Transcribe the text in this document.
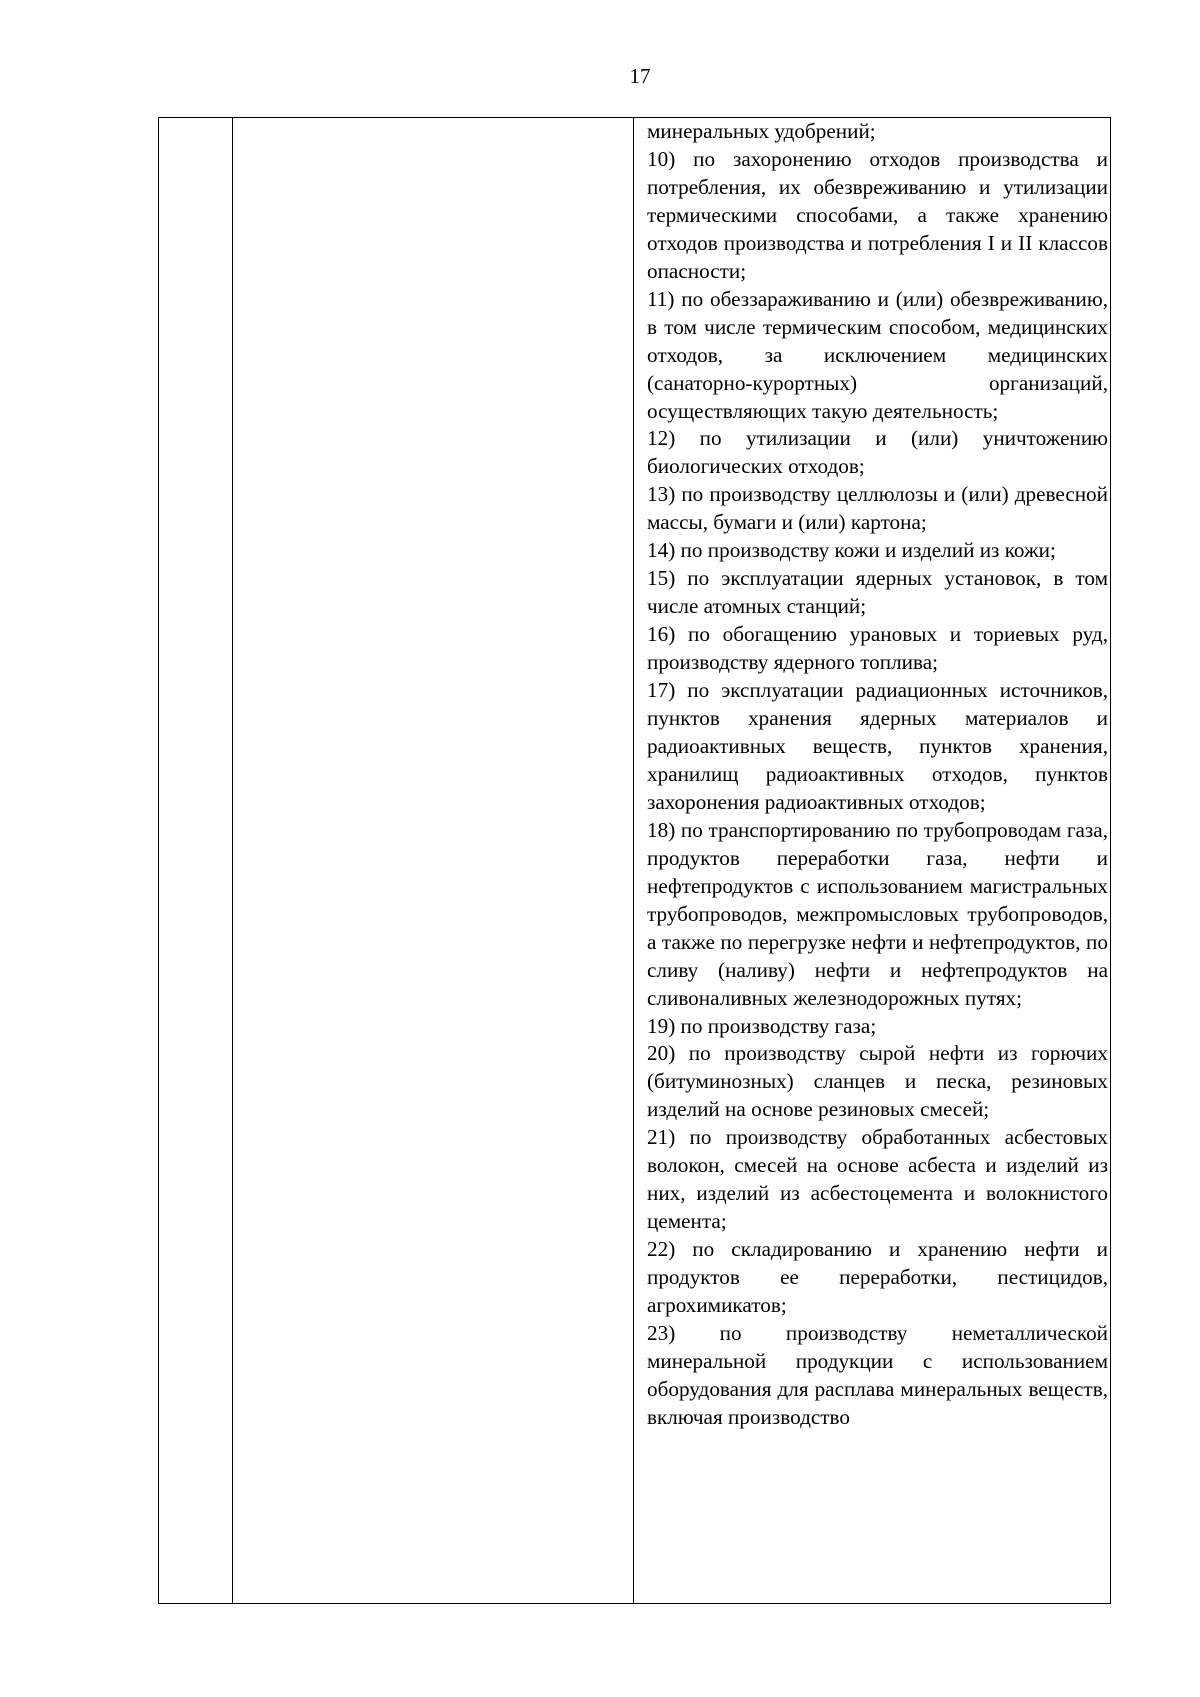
17

минеральных удобрений;

10) по захоронению отходов производства и потребления, их обезвреживанию и утилизации термическими способами, а также хранению отходов производства и потребления I и II классов опасности;

11) по обеззараживанию и (или) обезвреживанию, в том числе термическим способом, медицинских отходов, за исключением медицинских (санаторно-курортных) организаций, осуществляющих такую деятельность;

12) по утилизации и (или) уничтожению биологических отходов;

13) по производству целлюлозы и (или) древесной массы, бумаги и (или) картона;

14) по производству кожи и изделий из кожи;

15) по эксплуатации ядерных установок, в том числе атомных станций;

16) по обогащению урановых и ториевых руд, производству ядерного топлива;

17) по эксплуатации радиационных источников, пунктов хранения ядерных материалов и радиоактивных веществ, пунктов хранения, хранилищ радиоактивных отходов, пунктов захоронения радиоактивных отходов;

18) по транспортированию по трубопроводам газа, продуктов переработки газа, нефти и нефтепродуктов с использованием магистральных трубопроводов, межпромысловых трубопроводов, а также по перегрузке нефти и нефтепродуктов, по сливу (наливу) нефти и нефтепродуктов на сливоналивных железнодорожных путях;

19) по производству газа;

20) по производству сырой нефти из горючих (битуминозных) сланцев и песка, резиновых изделий на основе резиновых смесей;

21) по производству обработанных асбестовых волокон, смесей на основе асбеста и изделий из них, изделий из асбестоцемента и волокнистого цемента;

22) по складированию и хранению нефти и продуктов ее переработки, пестицидов, агрохимикатов;

23) по производству неметаллической минеральной продукции с использованием оборудования для расплава минеральных веществ, включая производство
